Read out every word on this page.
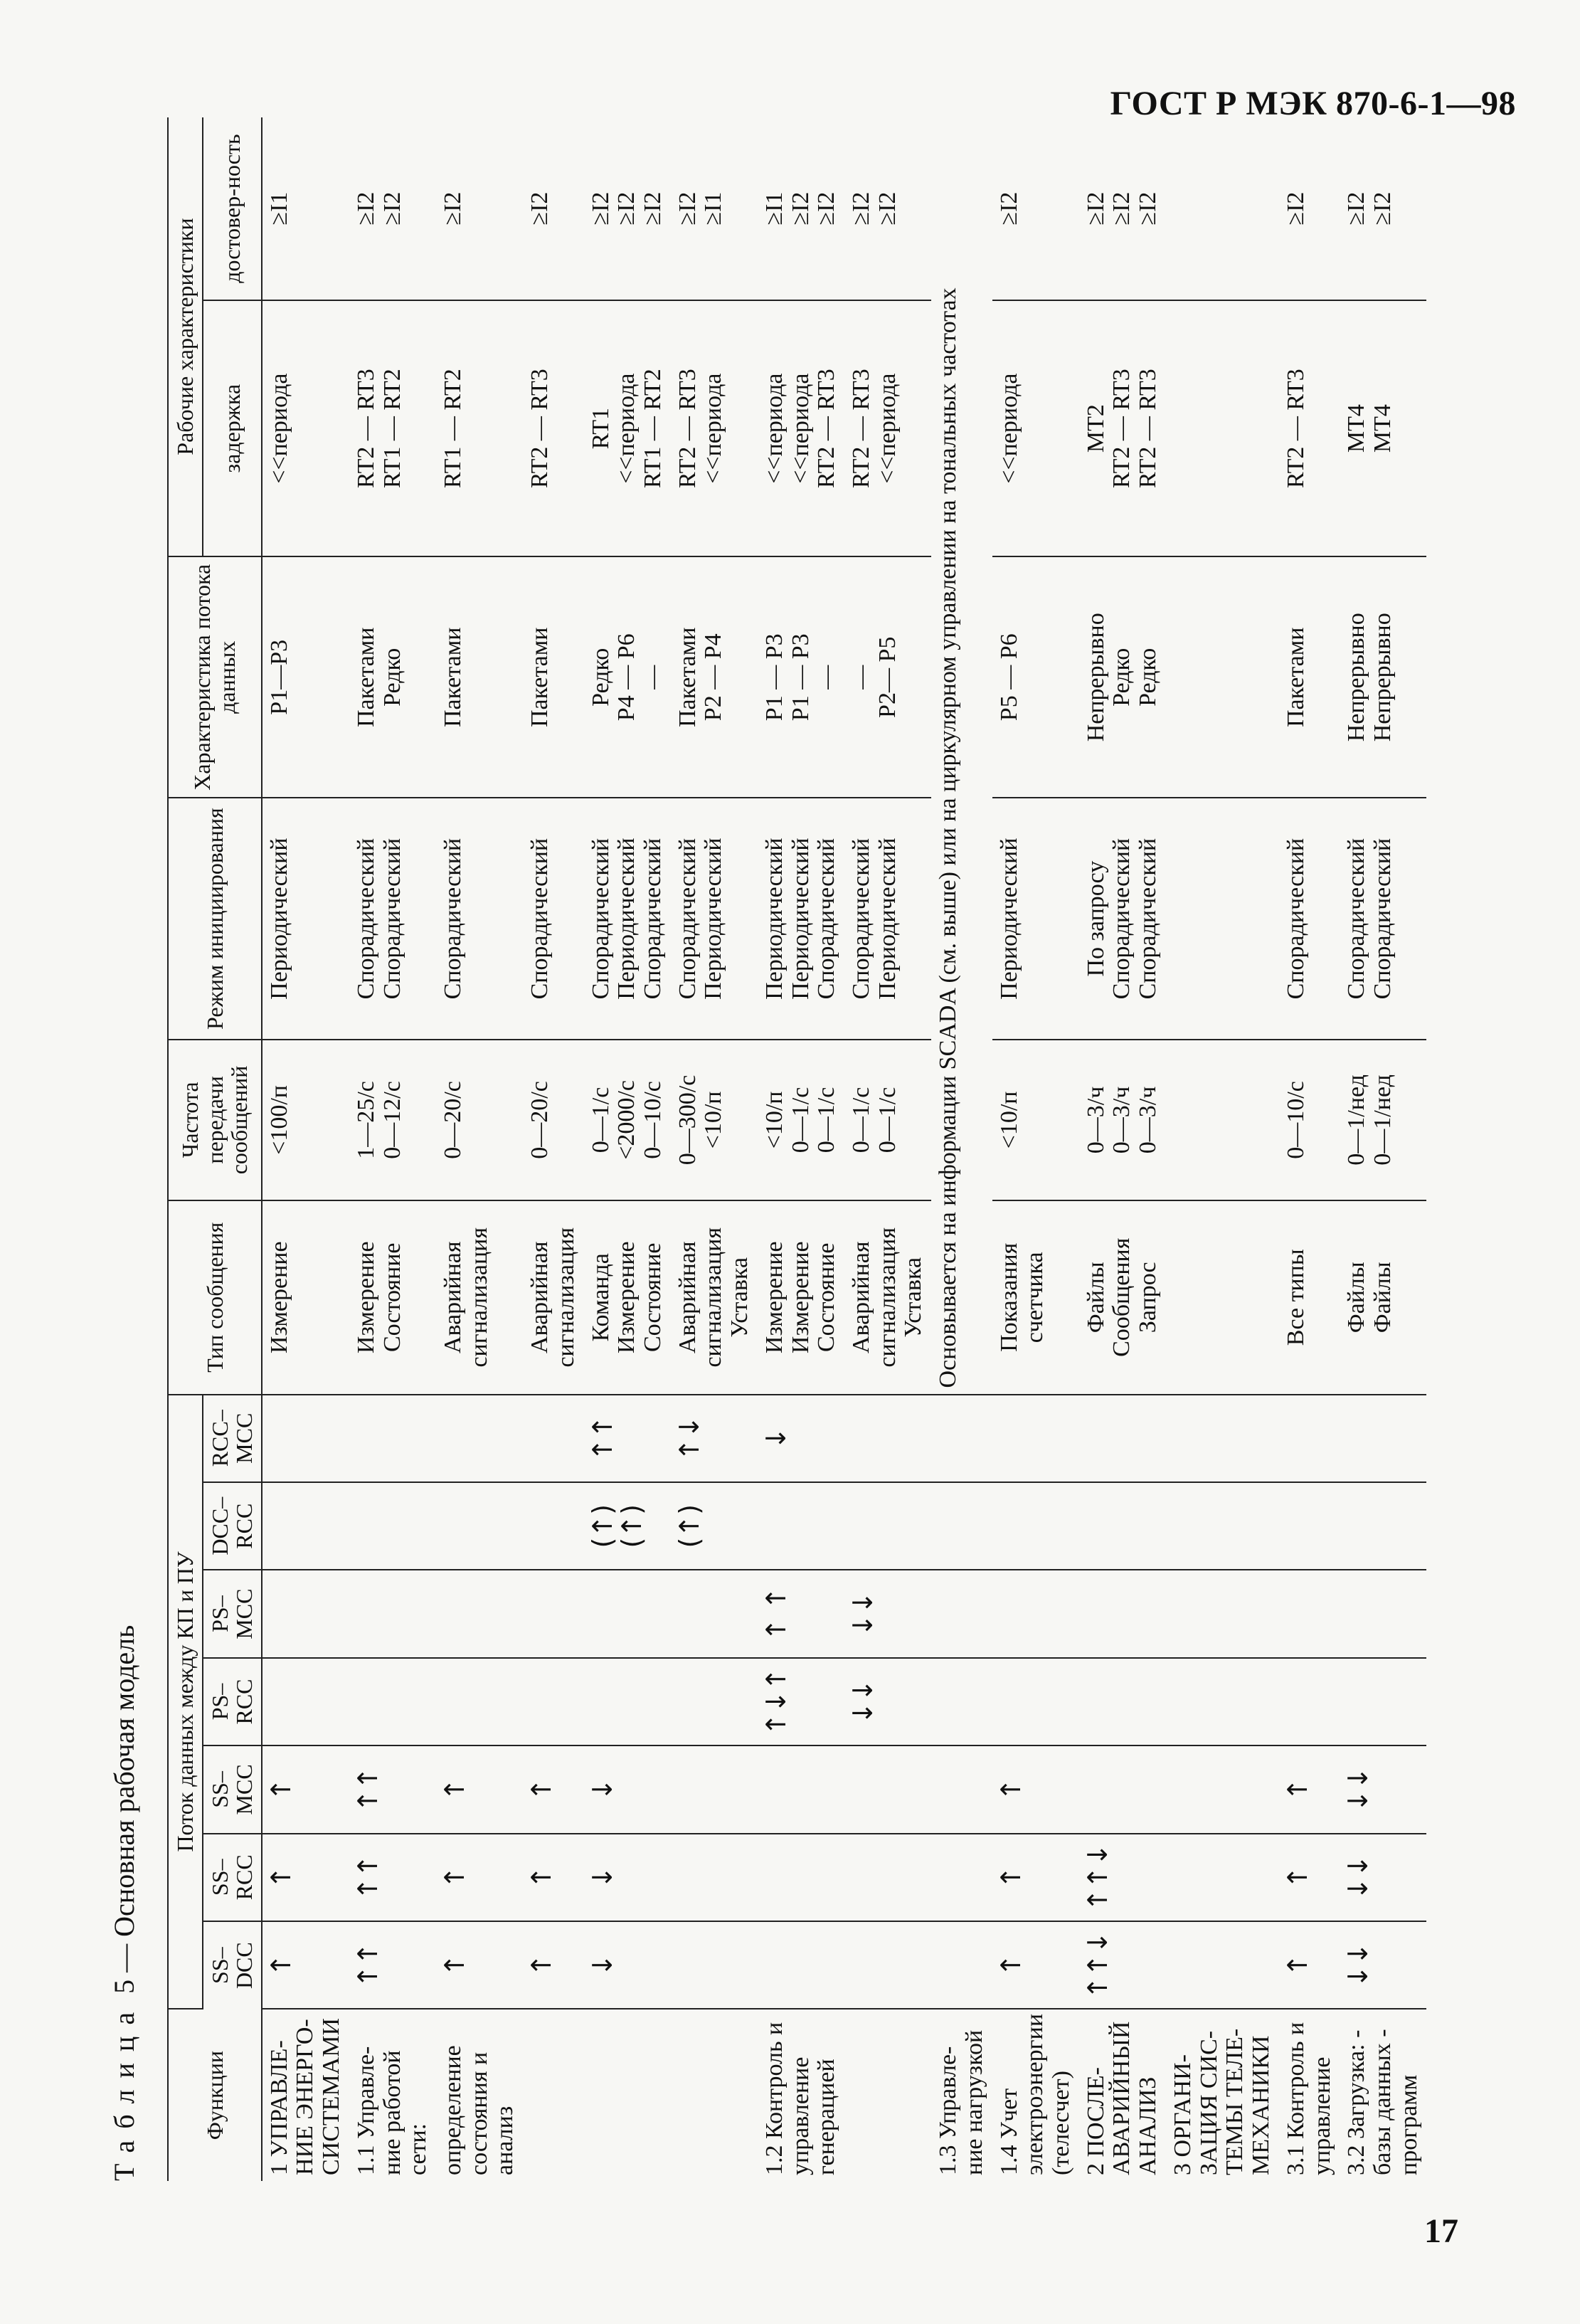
ГОСТ Р МЭК 870-6-1—98
Таблица 5 — Основная рабочая модель
Функции	Поток данных между КП и ПУ							Тип сообщения	Частота передачи сообщений	Режим инициирования	Характеристика потока данных	Рабочие характеристики	
	SS–DCC	SS–RCC	SS–MCC	PS–RCC	PS–MCC	DCC–RCC	RCC–MCC					задержка	достовер-ность
1 УПРАВЛЕ-НИЕ ЭНЕРГО-СИСТЕМАМИ	↑	↑	↑					Измерение	<100/п	Периодический	P1—P3	<<периода	≥I1

1.1 Управле-ние работой сети:	↑↑	↑↑	↑↑					Измерение Состояние	1—25/с 0—12/с	Спорадический Спорадический	Пакетами Редко	RT2 — RT3 RT1 — RT2	≥I2 ≥I2

определение состояния и анализ	↑	↑	↑					Аварийная сигнализация	0—20/с	Спорадический	Пакетами	RT1 — RT2	≥I2

	↑	↑	↑					Аварийная сигнализация	0—20/с	Спорадический	Пакетами	RT2 — RT3	≥I2

	↓	↓	↓			(↑)(↑)	↑↑	Команда Измерение Состояние	0—1/с <2000/с 0—10/с	Спорадический Периодический Спорадический	Редко P4 — P6 —	RT1 <<периода RT1 — RT2	≥I2 ≥I2 ≥I2

						(↑)	↑↓	Аварийная сигнализация Уставка	0—300/с <10/п	Спорадический Периодический	Пакетами P2 — P4	RT2 — RT3 <<периода	≥I2 ≥I1

1.2 Контроль и управление генерацией				↑↓↑	↑ ↑		↓	Измерение Измерение Состояние	<10/п 0—1/с 0—1/с	Периодический Периодический Спорадический	P1 — P3 P1 — P3 —	<<периода <<периода RT2 — RT3	≥I1 ≥I2 ≥I2

				↓↓	↓↓			Аварийная сигнализация Уставка	0—1/с 0—1/с	Спорадический Периодический	— P2— P5	RT2 — RT3 <<периода	≥I2 ≥I2

1.3 Управле-ние нагрузкой								Основывается на информации SCADA (см. выше) или на циркулярном управлении на тональных частотах					
1.4 Учет электроэнергии (телесчет)	↑	↑	↑					Показания счетчика	<10/п	Периодический	P5 — P6	<<периода	≥I2

2 ПОСЛЕ-АВАРИЙНЫЙ АНАЛИЗ	↑↑↓	↑↑↓						Файлы Сообщения Запрос	0—3/ч 0—3/ч 0—3/ч	По запросу Спорадический Спорадический	Непрерывно Редко Редко	MT2 RT2 — RT3 RT2 — RT3	≥I2 ≥I2 ≥I2

3 ОРГАНИ-ЗАЦИЯ СИС-ТЕМЫ ТЕЛЕ-МЕХАНИКИ													
3.1 Контроль и управление	↑	↑	↑					Все типы	0—10/с	Спорадический	Пакетами	RT2 — RT3	≥I2

3.2 Загрузка: - базы данных - программ	↓↓	↓↓	↓↓					Файлы Файлы	0—1/нед 0—1/нед	Спорадический Спорадический	Непрерывно Непрерывно	MT4 MT4	≥I2 ≥I2
17
